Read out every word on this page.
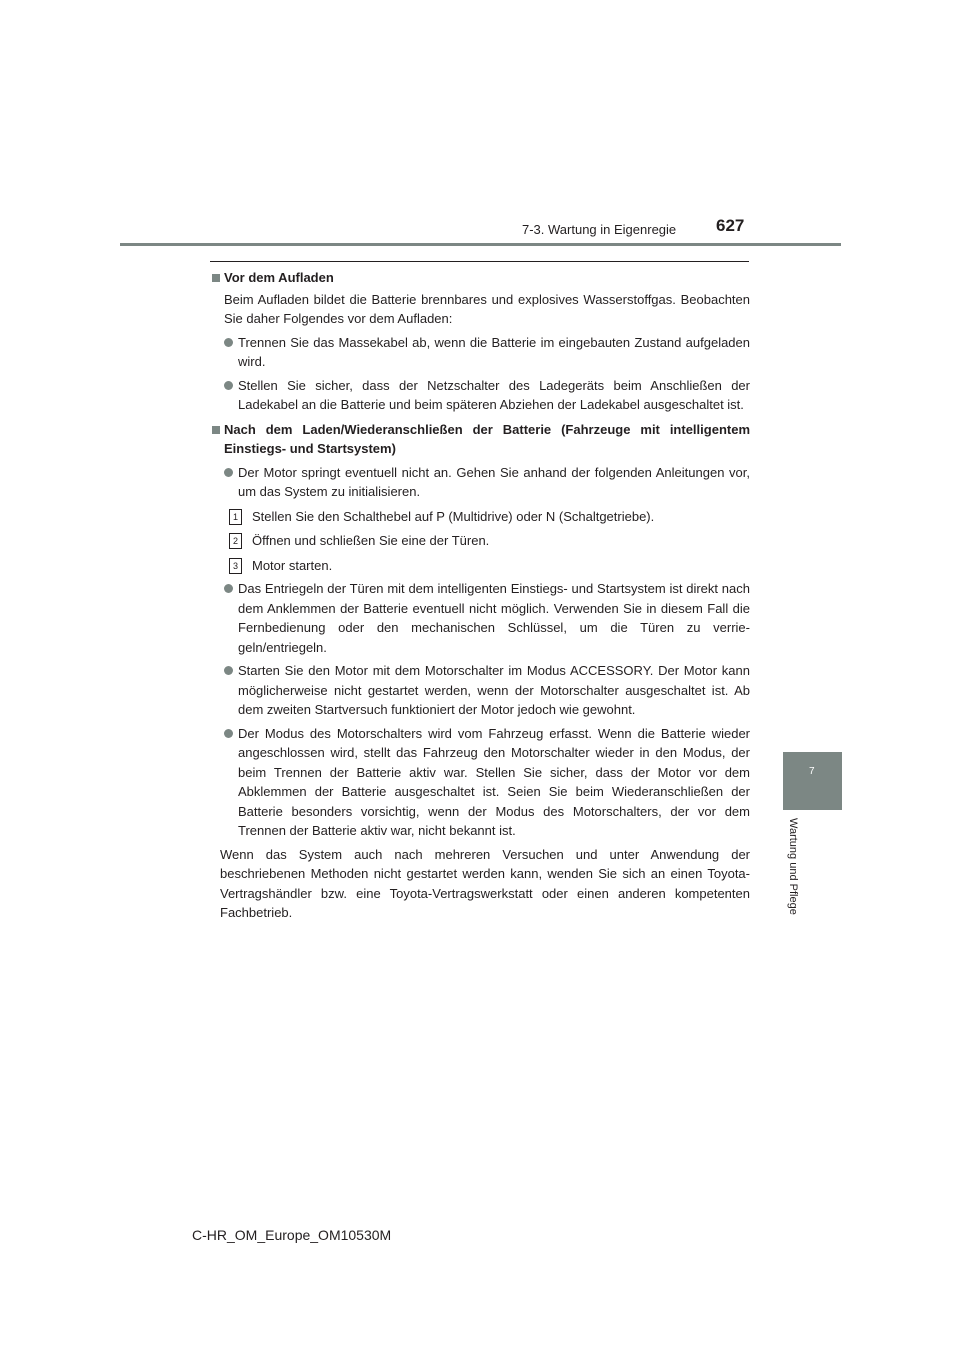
7-3. Wartung in Eigenregie	627
7
Wartung und Pflege
Vor dem Aufladen
Beim Aufladen bildet die Batterie brennbares und explosives Wasserstoffgas. Beobachten Sie daher Folgendes vor dem Aufladen:
Trennen Sie das Massekabel ab, wenn die Batterie im eingebauten Zustand aufgeladen wird.
Stellen Sie sicher, dass der Netzschalter des Ladegeräts beim Anschließen der Ladekabel an die Batterie und beim späteren Abziehen der Ladekabel ausgeschaltet ist.
Nach dem Laden/Wiederanschließen der Batterie (Fahrzeuge mit intelligentem Einstiegs- und Startsystem)
Der Motor springt eventuell nicht an. Gehen Sie anhand der folgenden Anleitungen vor, um das System zu initialisieren.
1	Stellen Sie den Schalthebel auf P (Multidrive) oder N (Schaltgetriebe).
2	Öffnen und schließen Sie eine der Türen.
3	Motor starten.
Das Entriegeln der Türen mit dem intelligenten Einstiegs- und Startsystem ist direkt nach dem Anklemmen der Batterie eventuell nicht möglich. Verwenden Sie in diesem Fall die Fernbedienung oder den mechanischen Schlüssel, um die Türen zu verriegeln/entriegeln.
Starten Sie den Motor mit dem Motorschalter im Modus ACCESSORY. Der Motor kann möglicherweise nicht gestartet werden, wenn der Motorschalter ausgeschaltet ist. Ab dem zweiten Startversuch funktioniert der Motor jedoch wie gewohnt.
Der Modus des Motorschalters wird vom Fahrzeug erfasst. Wenn die Batterie wieder angeschlossen wird, stellt das Fahrzeug den Motorschalter wieder in den Modus, der beim Trennen der Batterie aktiv war. Stellen Sie sicher, dass der Motor vor dem Abklemmen der Batterie ausgeschaltet ist. Seien Sie beim Wiederanschließen der Batterie besonders vorsichtig, wenn der Modus des Motorschalters, der vor dem Trennen der Batterie aktiv war, nicht bekannt ist.
Wenn das System auch nach mehreren Versuchen und unter Anwendung der beschriebenen Methoden nicht gestartet werden kann, wenden Sie sich an einen Toyota-Vertragshändler bzw. eine Toyota-Vertragswerkstatt oder einen anderen kompetenten Fachbetrieb.
C-HR_OM_Europe_OM10530M
